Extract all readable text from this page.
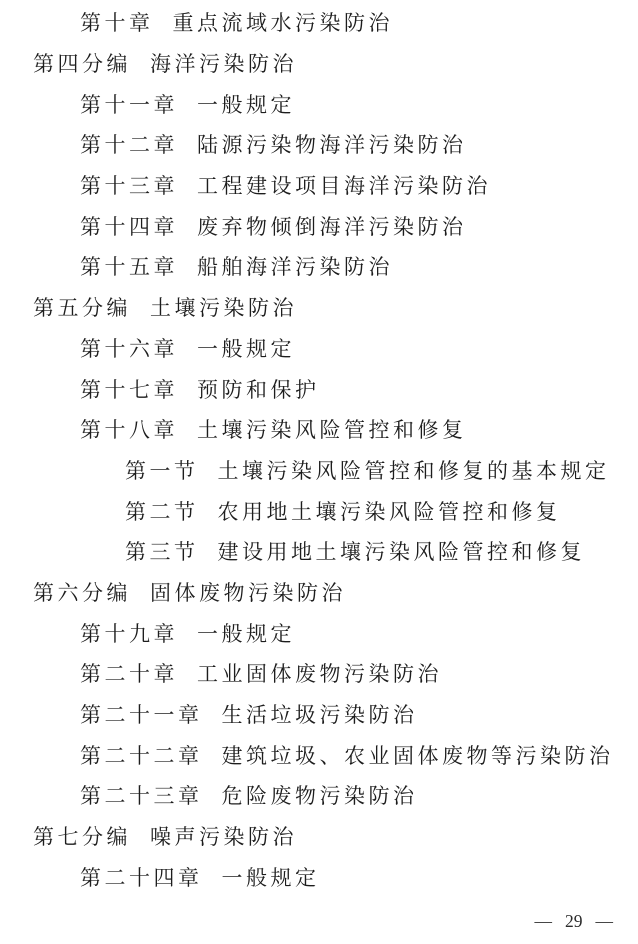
第十章 重点流域水污染防治
第四分编 海洋污染防治
第十一章 一般规定
第十二章 陆源污染物海洋污染防治
第十三章 工程建设项目海洋污染防治
第十四章 废弃物倾倒海洋污染防治
第十五章 船舶海洋污染防治
第五分编 土壤污染防治
第十六章 一般规定
第十七章 预防和保护
第十八章 土壤污染风险管控和修复
第一节 土壤污染风险管控和修复的基本规定
第二节 农用地土壤污染风险管控和修复
第三节 建设用地土壤污染风险管控和修复
第六分编 固体废物污染防治
第十九章 一般规定
第二十章 工业固体废物污染防治
第二十一章 生活垃圾污染防治
第二十二章 建筑垃圾、农业固体废物等污染防治
第二十三章 危险废物污染防治
第七分编 噪声污染防治
第二十四章 一般规定
— 29 —
